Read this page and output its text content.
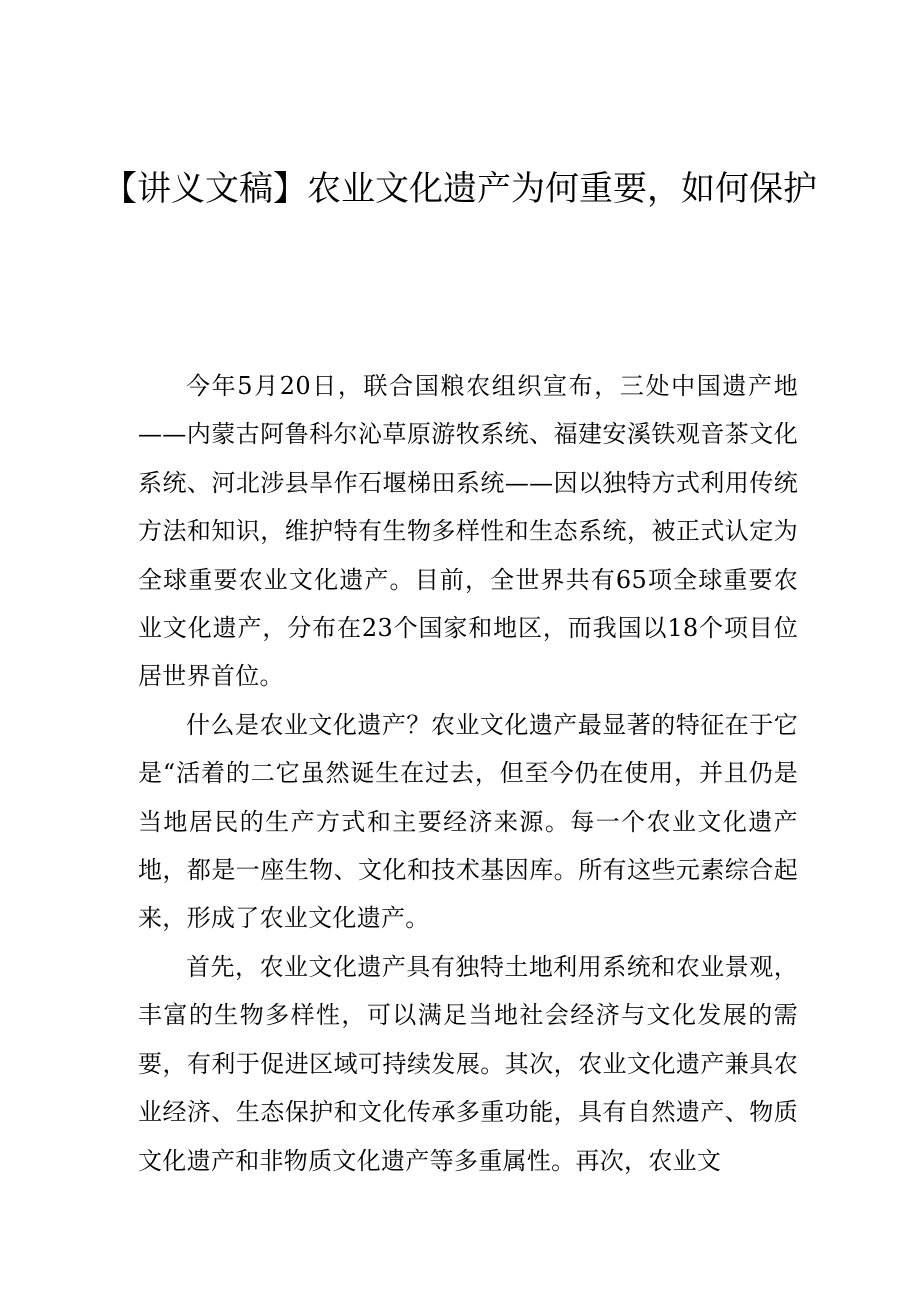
【讲义文稿】农业文化遗产为何重要，如何保护

今年5月20日，联合国粮农组织宣布，三处中国遗产地——内蒙古阿鲁科尔沁草原游牧系统、福建安溪铁观音茶文化系统、河北涉县旱作石堰梯田系统——因以独特方式利用传统方法和知识，维护特有生物多样性和生态系统，被正式认定为全球重要农业文化遗产。目前，全世界共有65项全球重要农业文化遗产，分布在23个国家和地区，而我国以18个项目位居世界首位。

什么是农业文化遗产？农业文化遗产最显著的特征在于它是“活着的二它虽然诞生在过去，但至今仍在使用，并且仍是当地居民的生产方式和主要经济来源。每一个农业文化遗产地，都是一座生物、文化和技术基因库。所有这些元素综合起来，形成了农业文化遗产。

首先，农业文化遗产具有独特土地利用系统和农业景观，丰富的生物多样性，可以满足当地社会经济与文化发展的需要，有利于促进区域可持续发展。其次，农业文化遗产兼具农业经济、生态保护和文化传承多重功能，具有自然遗产、物质文化遗产和非物质文化遗产等多重属性。再次，农业文
